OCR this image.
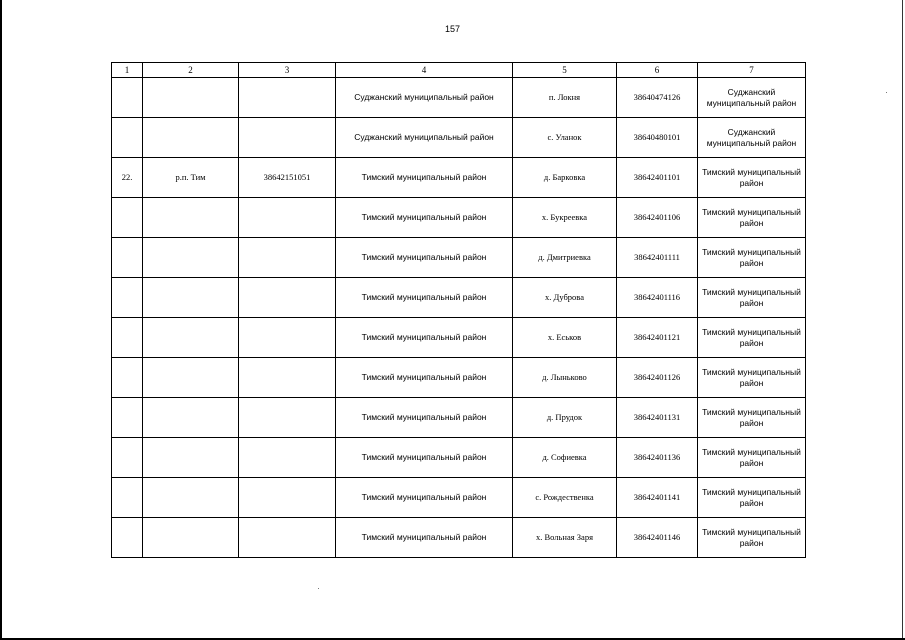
157
1	2	3	4	5	6	7
			Суджанский муниципальный район	п. Локня	38640474126	Суджанский муниципальный район
			Суджанский муниципальный район	с. Уланок	38640480101	Суджанский муниципальный район
22.	р.п. Тим	38642151051	Тимский муниципальный район	д. Барковка	38642401101	Тимский муниципальный район
			Тимский муниципальный район	х. Букреевка	38642401106	Тимский муниципальный район
			Тимский муниципальный район	д. Дмитриевка	38642401111	Тимский муниципальный район
			Тимский муниципальный район	х. Дуброва	38642401116	Тимский муниципальный район
			Тимский муниципальный район	х. Еськов	38642401121	Тимский муниципальный район
			Тимский муниципальный район	д. Лыньково	38642401126	Тимский муниципальный район
			Тимский муниципальный район	д. Прудок	38642401131	Тимский муниципальный район
			Тимский муниципальный район	д. Софиевка	38642401136	Тимский муниципальный район
			Тимский муниципальный район	с. Рождественка	38642401141	Тимский муниципальный район
			Тимский муниципальный район	х. Вольная Заря	38642401146	Тимский муниципальный район
